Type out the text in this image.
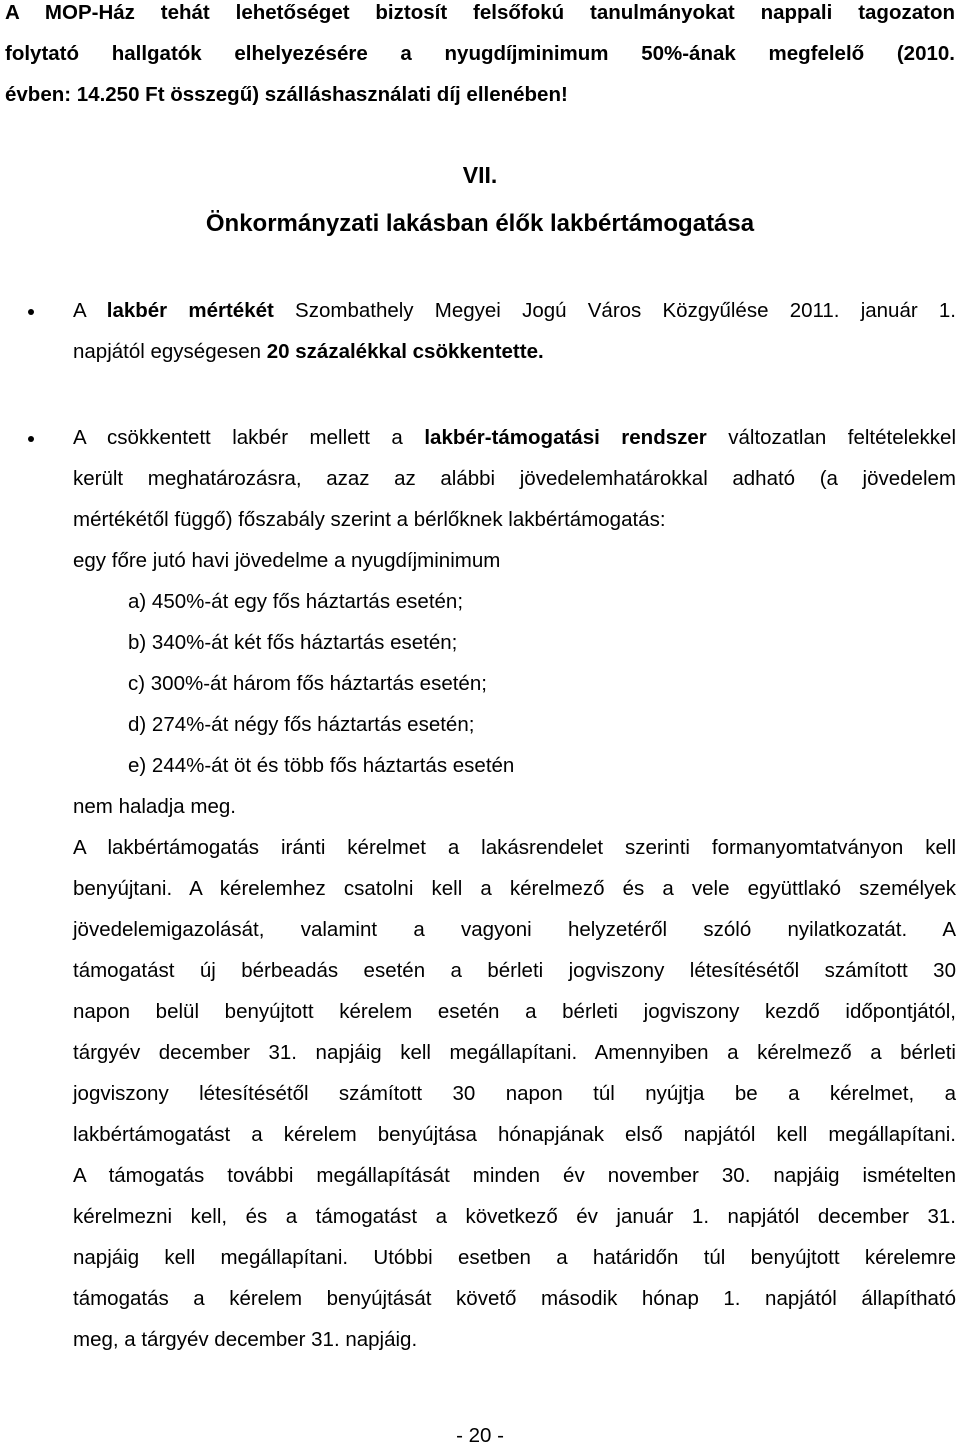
A MOP-Ház tehát lehetőséget biztosít felsőfokú tanulmányokat nappali tagozaton
folytató hallgatók elhelyezésére a nyugdíjminimum 50%-ának megfelelő (2010.
évben: 14.250 Ft összegű) szálláshasználati díj ellenében!
VII.
Önkormányzati lakásban élők lakbértámogatása
A lakbér mértékét Szombathely Megyei Jogú Város Közgyűlése 2011. január 1.
napjától egységesen 20 százalékkal csökkentette.
A csökkentett lakbér mellett a lakbér-támogatási rendszer változatlan feltételekkel
került meghatározásra, azaz az alábbi jövedelemhatárokkal adható (a jövedelem
mértékétől függő) főszabály szerint a bérlőknek lakbértámogatás:
egy főre jutó havi jövedelme a nyugdíjminimum
a) 450%-át egy fős háztartás esetén;
b) 340%-át két fős háztartás esetén;
c) 300%-át három fős háztartás esetén;
d) 274%-át négy fős háztartás esetén;
e) 244%-át öt és több fős háztartás esetén
nem haladja meg.
A lakbértámogatás iránti kérelmet a lakásrendelet szerinti formanyomtatványon kell
benyújtani. A kérelemhez csatolni kell a kérelmező és a vele együttlakó személyek
jövedelemigazolását, valamint a vagyoni helyzetéről szóló nyilatkozatát. A
támogatást új bérbeadás esetén a bérleti jogviszony létesítésétől számított 30
napon belül benyújtott kérelem esetén a bérleti jogviszony kezdő időpontjától,
tárgyév december 31. napjáig kell megállapítani. Amennyiben a kérelmező a bérleti
jogviszony létesítésétől számított 30 napon túl nyújtja be a kérelmet, a
lakbértámogatást a kérelem benyújtása hónapjának első napjától kell megállapítani.
A támogatás további megállapítását minden év november 30. napjáig ismételten
kérelmezni kell, és a támogatást a következő év január 1. napjától december 31.
napjáig kell megállapítani. Utóbbi esetben a határidőn túl benyújtott kérelemre
támogatás a kérelem benyújtását követő második hónap 1. napjától állapítható
meg, a tárgyév december 31. napjáig.
- 20 -
